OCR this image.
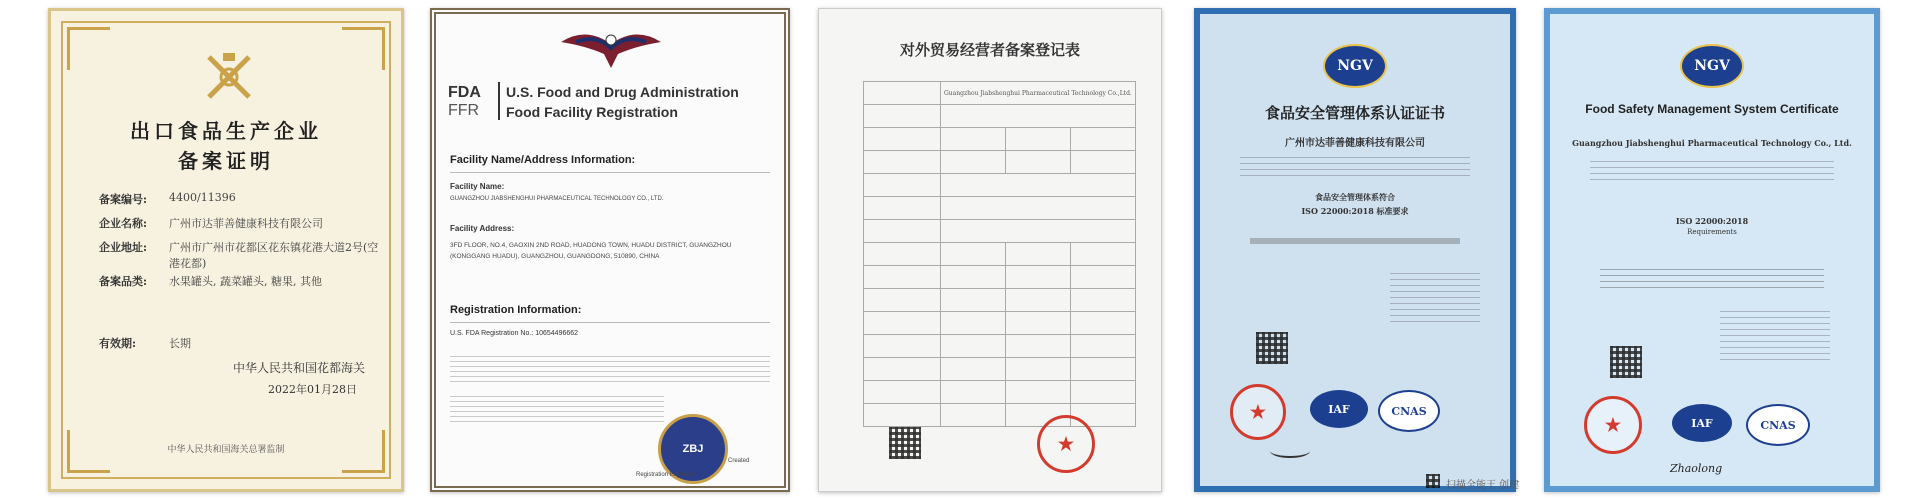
出口食品生产企业
备案证明
备案编号:	4400/11396
企业名称:	广州市达菲善健康科技有限公司
企业地址:	广州市广州市花都区花东镇花港大道2号(空港花都)
备案品类:	水果罐头, 蔬菜罐头, 糖果, 其他
有效期:	长期
中华人民共和国花都海关
2022年01月28日
中华人民共和国海关总署监制
FDA
FFR
U.S. Food and Drug Administration
Food Facility Registration
Facility Name/Address Information:
Facility Name:
GUANGZHOU JIABSHENGHUI PHARMACEUTICAL TECHNOLOGY CO., LTD.
Facility Address:
3FD FLOOR, NO.4, GAOXIN 2ND ROAD, HUADONG TOWN, HUADU DISTRICT, GUANGZHOU (KONGGANG HUADU), GUANGZHOU, GUANGDONG, 510890, CHINA
Registration Information:
U.S. FDA Registration No.: 10654496662
ZBJ
Created
Registration Expiration
对外贸易经营者备案登记表
	Guangzhou Jiabshenghui Pharmaceutical Technology Co.,Ltd.		

★
NGV
食品安全管理体系认证证书
广州市达菲善健康科技有限公司
食品安全管理体系符合
ISO 22000:2018 标准要求
★	IAF	CNAS
扫描全能王 创建
NGV
Food Safety Management System Certificate
Guangzhou Jiabshenghui Pharmaceutical Technology Co., Ltd.
ISO 22000:2018
Requirements
★	IAF	CNAS
Zhaolong
